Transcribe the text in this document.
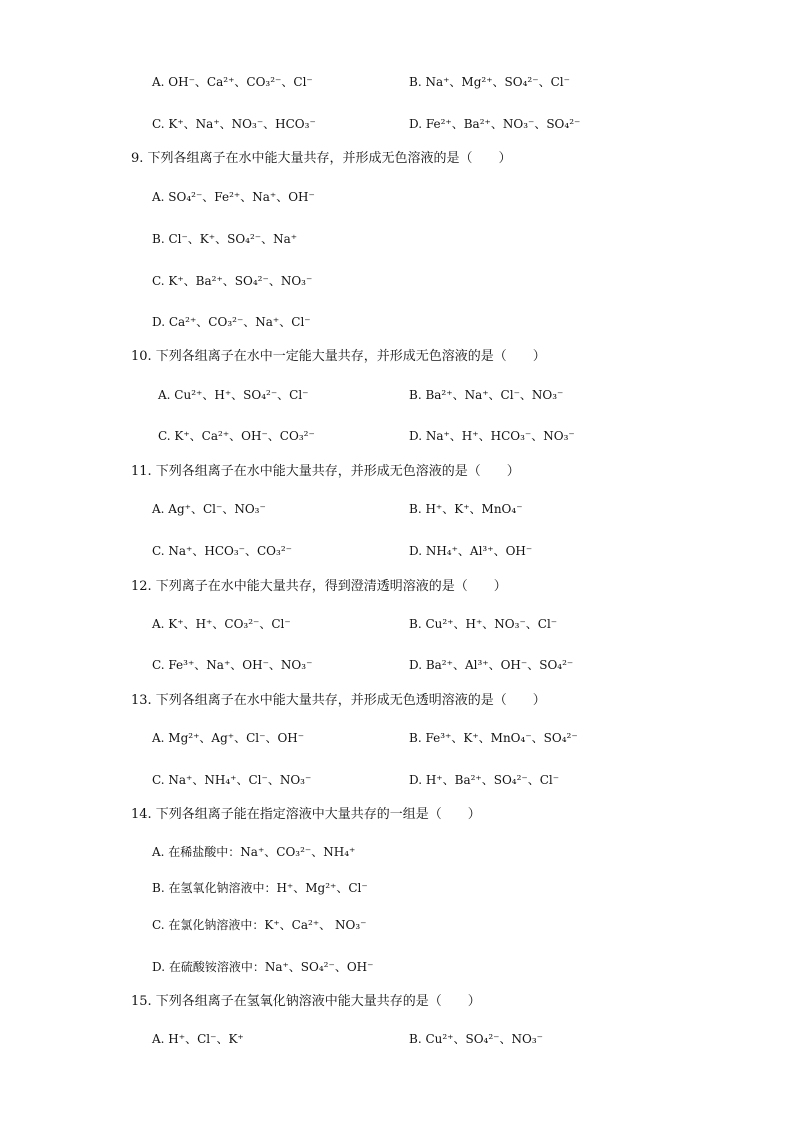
A. OH⁻、Ca²⁺、CO₃²⁻、Cl⁻	B. Na⁺、Mg²⁺、SO₄²⁻、Cl⁻
C. K⁺、Na⁺、NO₃⁻、HCO₃⁻	D. Fe²⁺、Ba²⁺、NO₃⁻、SO₄²⁻
9. 下列各组离子在水中能大量共存，并形成无色溶液的是（　　）
A. SO₄²⁻、Fe²⁺、Na⁺、OH⁻
B. Cl⁻、K⁺、SO₄²⁻、Na⁺
C. K⁺、Ba²⁺、SO₄²⁻、NO₃⁻
D. Ca²⁺、CO₃²⁻、Na⁺、Cl⁻
10. 下列各组离子在水中一定能大量共存，并形成无色溶液的是（　　）
A. Cu²⁺、H⁺、SO₄²⁻、Cl⁻	B. Ba²⁺、Na⁺、Cl⁻、NO₃⁻
C. K⁺、Ca²⁺、OH⁻、CO₃²⁻	D. Na⁺、H⁺、HCO₃⁻、NO₃⁻
11. 下列各组离子在水中能大量共存，并形成无色溶液的是（　　）
A. Ag⁺、Cl⁻、NO₃⁻	B. H⁺、K⁺、MnO₄⁻
C. Na⁺、HCO₃⁻、CO₃²⁻	D. NH₄⁺、Al³⁺、OH⁻
12. 下列离子在水中能大量共存，得到澄清透明溶液的是（　　）
A. K⁺、H⁺、CO₃²⁻、Cl⁻	B. Cu²⁺、H⁺、NO₃⁻、Cl⁻
C. Fe³⁺、Na⁺、OH⁻、NO₃⁻	D. Ba²⁺、Al³⁺、OH⁻、SO₄²⁻
13. 下列各组离子在水中能大量共存，并形成无色透明溶液的是（　　）
A. Mg²⁺、Ag⁺、Cl⁻、OH⁻	B. Fe³⁺、K⁺、MnO₄⁻、SO₄²⁻
C. Na⁺、NH₄⁺、Cl⁻、NO₃⁻	D. H⁺、Ba²⁺、SO₄²⁻、Cl⁻
14. 下列各组离子能在指定溶液中大量共存的一组是（　　）
A. 在稀盐酸中：Na⁺、CO₃²⁻、NH₄⁺
B. 在氢氧化钠溶液中：H⁺、Mg²⁺、Cl⁻
C. 在氯化钠溶液中：K⁺、Ca²⁺、 NO₃⁻
D. 在硫酸铵溶液中：Na⁺、SO₄²⁻、OH⁻
15. 下列各组离子在氢氧化钠溶液中能大量共存的是（　　）
A. H⁺、Cl⁻、K⁺	B. Cu²⁺、SO₄²⁻、NO₃⁻
